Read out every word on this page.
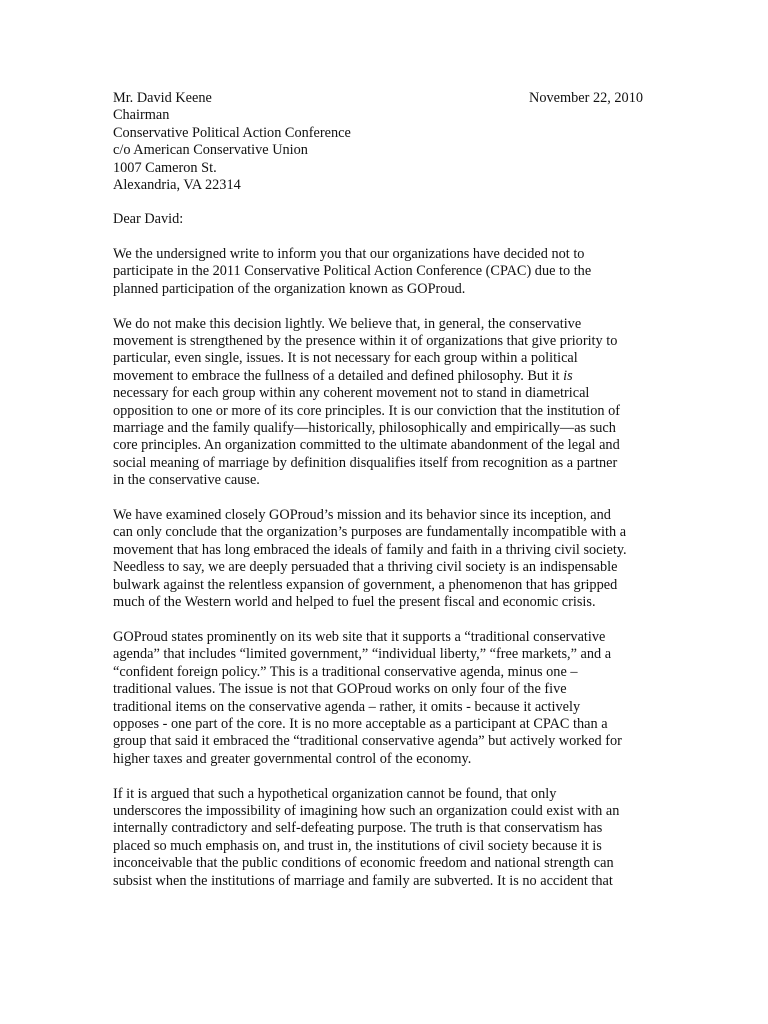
Mr. David Keene
Chairman
Conservative Political Action Conference
c/o American Conservative Union
1007 Cameron St.
Alexandria, VA 22314
November 22, 2010
Dear David:

We the undersigned write to inform you that our organizations have decided not to
participate in the 2011 Conservative Political Action Conference (CPAC) due to the
planned participation of the organization known as GOProud.

We do not make this decision lightly. We believe that, in general, the conservative
movement is strengthened by the presence within it of organizations that give priority to
particular, even single, issues. It is not necessary for each group within a political
movement to embrace the fullness of a detailed and defined philosophy. But it is
necessary for each group within any coherent movement not to stand in diametrical
opposition to one or more of its core principles. It is our conviction that the institution of
marriage and the family qualify—historically, philosophically and empirically—as such
core principles. An organization committed to the ultimate abandonment of the legal and
social meaning of marriage by definition disqualifies itself from recognition as a partner
in the conservative cause.

We have examined closely GOProud’s mission and its behavior since its inception, and
can only conclude that the organization’s purposes are fundamentally incompatible with a
movement that has long embraced the ideals of family and faith in a thriving civil society.
Needless to say, we are deeply persuaded that a thriving civil society is an indispensable
bulwark against the relentless expansion of government, a phenomenon that has gripped
much of the Western world and helped to fuel the present fiscal and economic crisis.

GOProud states prominently on its web site that it supports a “traditional conservative
agenda” that includes “limited government,” “individual liberty,” “free markets,” and a
“confident foreign policy.” This is a traditional conservative agenda, minus one –
traditional values. The issue is not that GOProud works on only four of the five
traditional items on the conservative agenda – rather, it omits - because it actively
opposes - one part of the core. It is no more acceptable as a participant at CPAC than a
group that said it embraced the “traditional conservative agenda” but actively worked for
higher taxes and greater governmental control of the economy.

If it is argued that such a hypothetical organization cannot be found, that only
underscores the impossibility of imagining how such an organization could exist with an
internally contradictory and self-defeating purpose. The truth is that conservatism has
placed so much emphasis on, and trust in, the institutions of civil society because it is
inconceivable that the public conditions of economic freedom and national strength can
subsist when the institutions of marriage and family are subverted. It is no accident that
